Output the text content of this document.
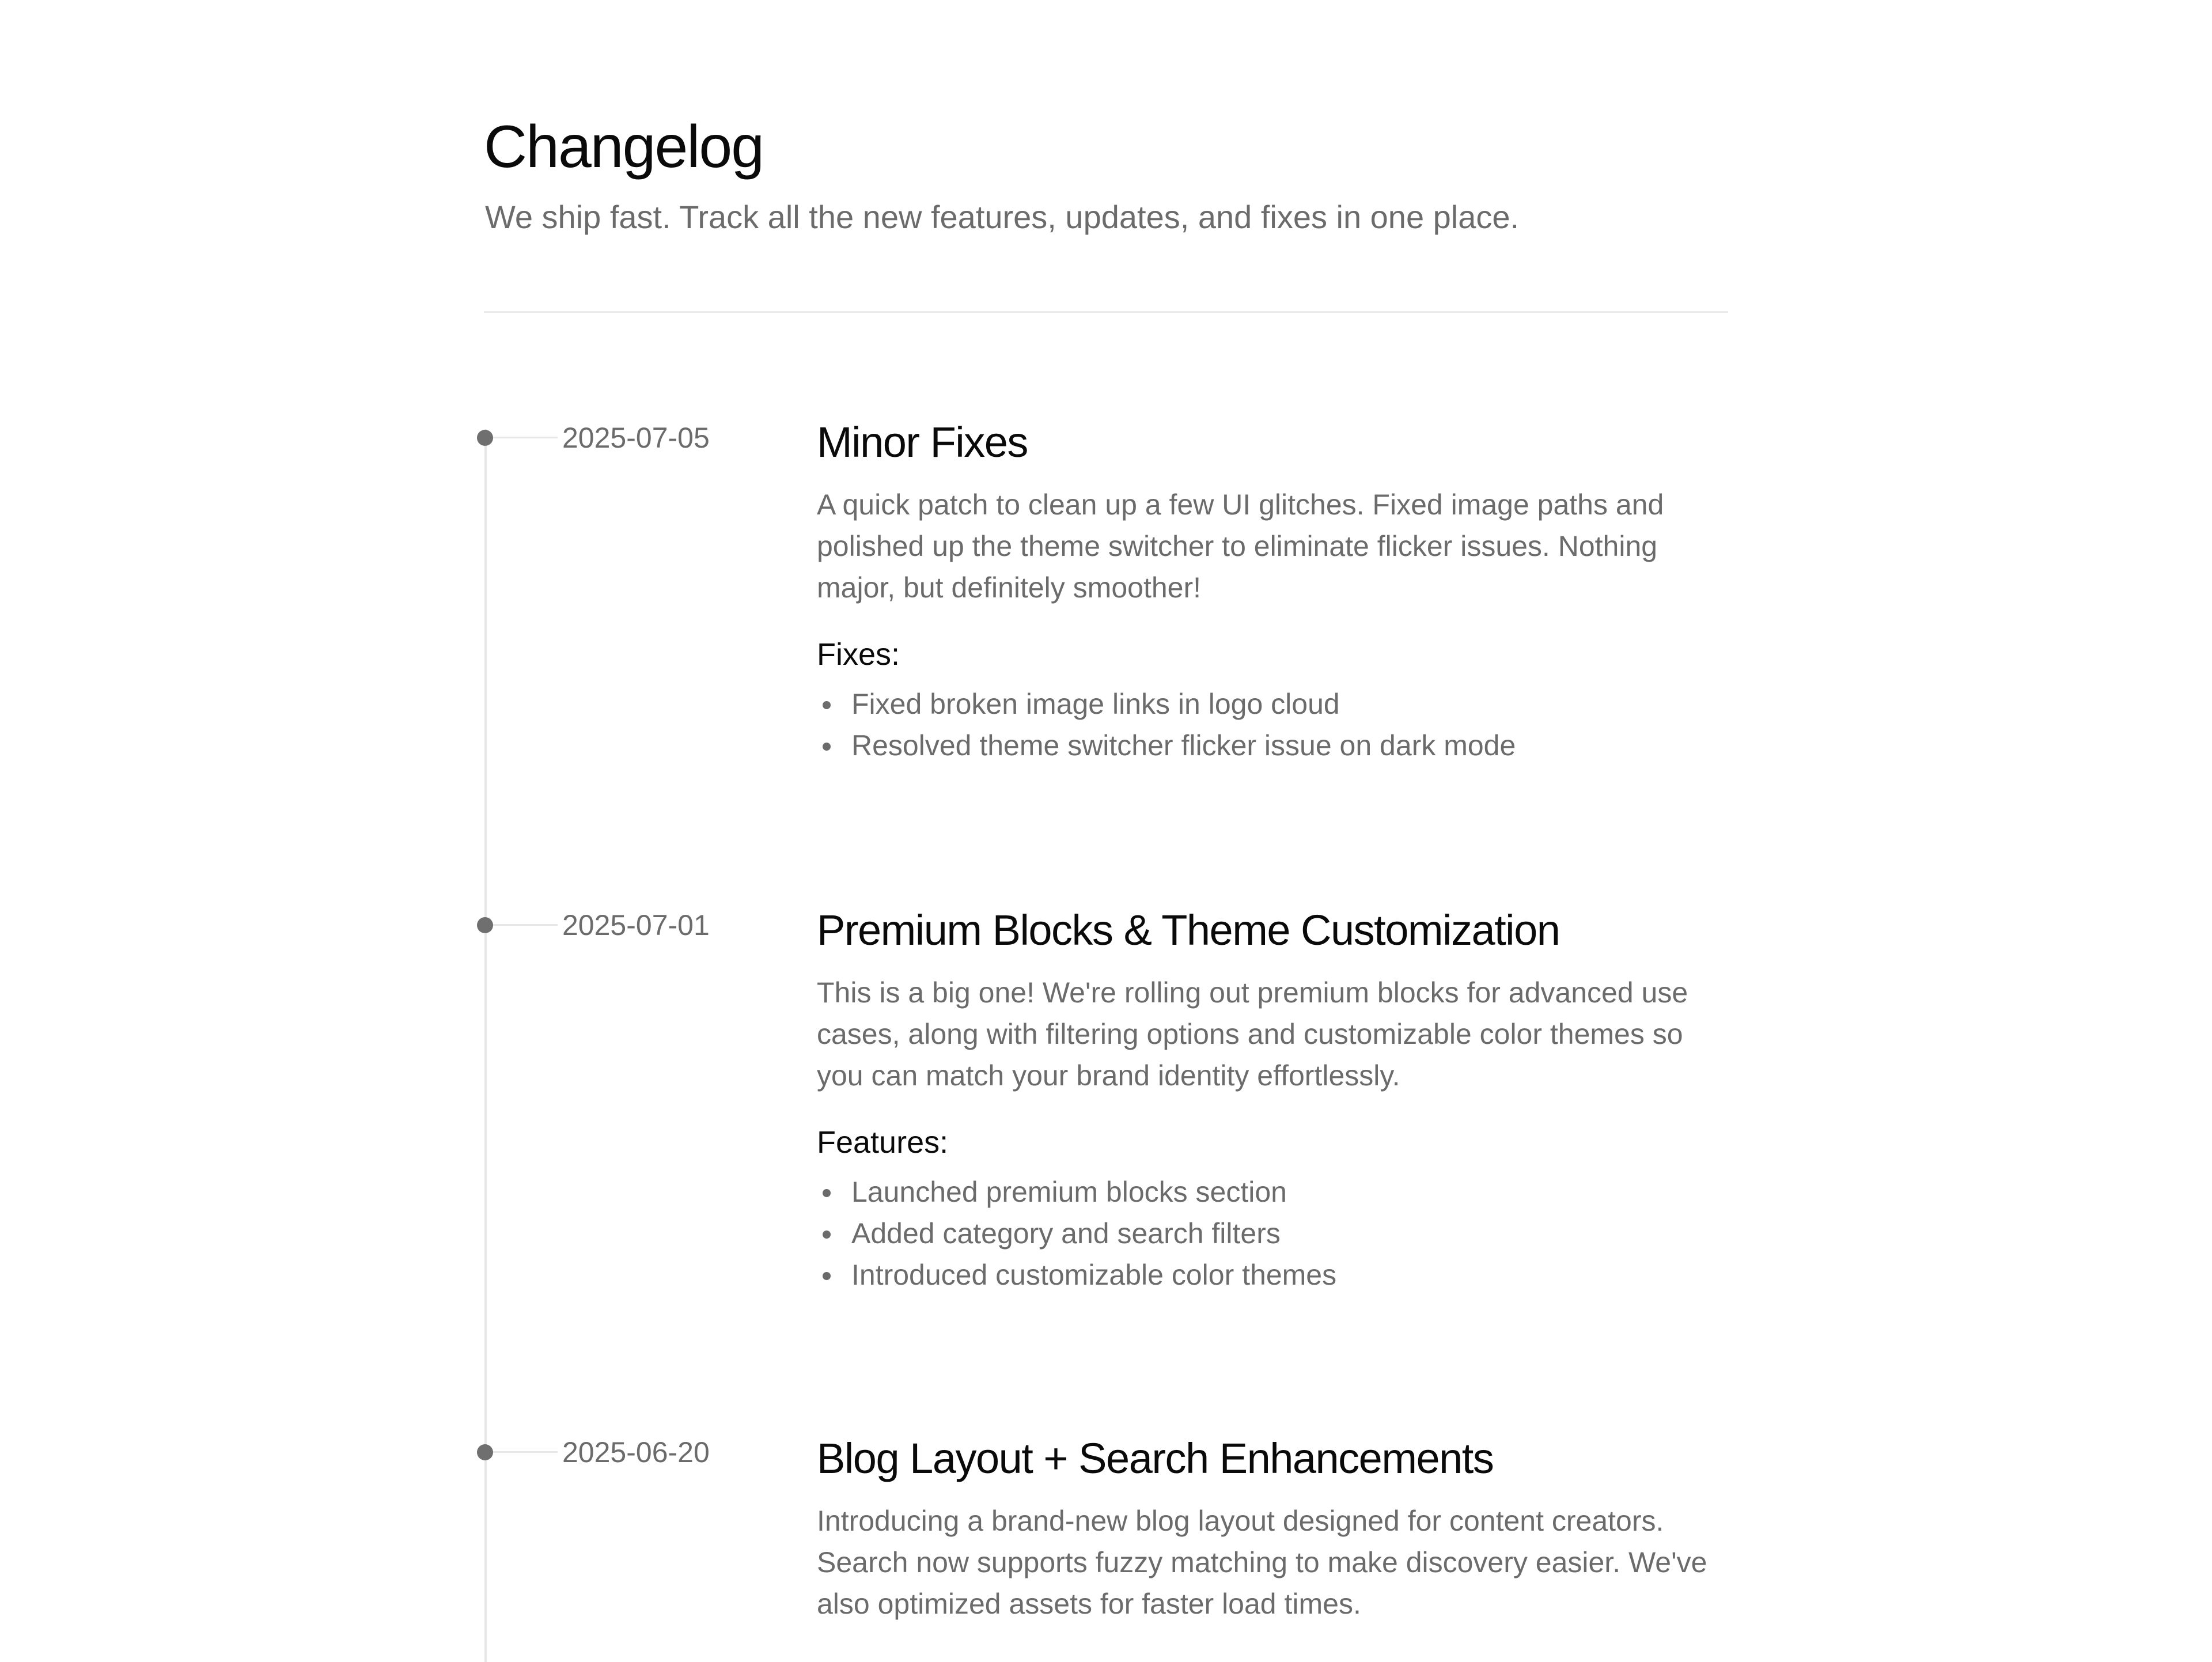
Changelog

We ship fast. Track all the new features, updates, and fixes in one place.

2025-07-05	Minor Fixes

A quick patch to clean up a few UI glitches. Fixed image paths and polished up the theme switcher to eliminate flicker issues. Nothing major, but definitely smoother!

Fixes:
Fixed broken image links in logo cloud
Resolved theme switcher flicker issue on dark mode
2025-07-01	Premium Blocks & Theme Customization

This is a big one! We're rolling out premium blocks for advanced use cases, along with filtering options and customizable color themes so you can match your brand identity effortlessly.

Features:
Launched premium blocks section
Added category and search filters
Introduced customizable color themes
2025-06-20	Blog Layout + Search Enhancements

Introducing a brand-new blog layout designed for content creators. Search now supports fuzzy matching to make discovery easier. We've also optimized assets for faster load times.
